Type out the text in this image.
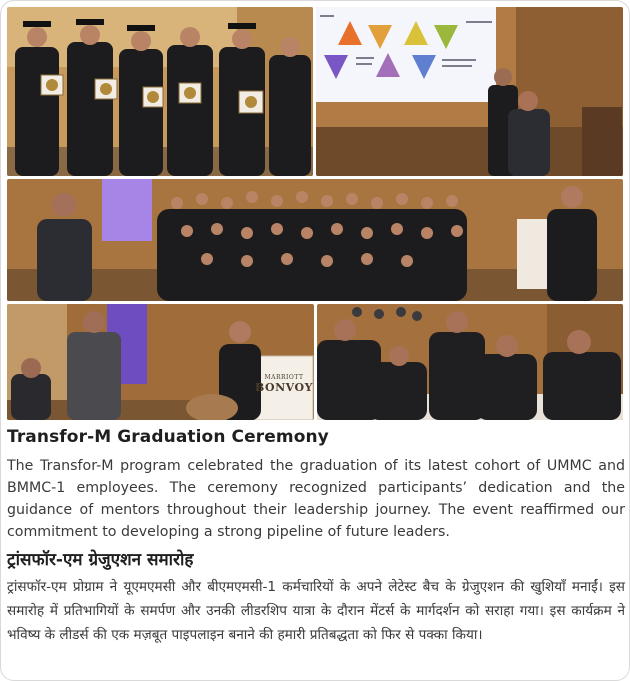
MARRIOTT
BONVOY
Transfor-M Graduation Ceremony

The Transfor-M program celebrated the graduation of its latest cohort of UMMC and BMMC-1 employees. The ceremony recognized participants’ dedication and the guidance of mentors throughout their leadership journey. The event reaffirmed our commitment to developing a strong pipeline of future leaders.

ट्रांसफॉर-एम ग्रेजुएशन समारोह

ट्रांसफॉर-एम प्रोग्राम ने यूएमएमसी और बीएमएमसी-1 कर्मचारियों के अपने लेटेस्ट बैच के ग्रेजुएशन की खुशियाँ मनाईं। इस समारोह में प्रतिभागियों के समर्पण और उनकी लीडरशिप यात्रा के दौरान मेंटर्स के मार्गदर्शन को सराहा गया। इस कार्यक्रम ने भविष्य के लीडर्स की एक मज़बूत पाइपलाइन बनाने की हमारी प्रतिबद्धता को फिर से पक्का किया।
